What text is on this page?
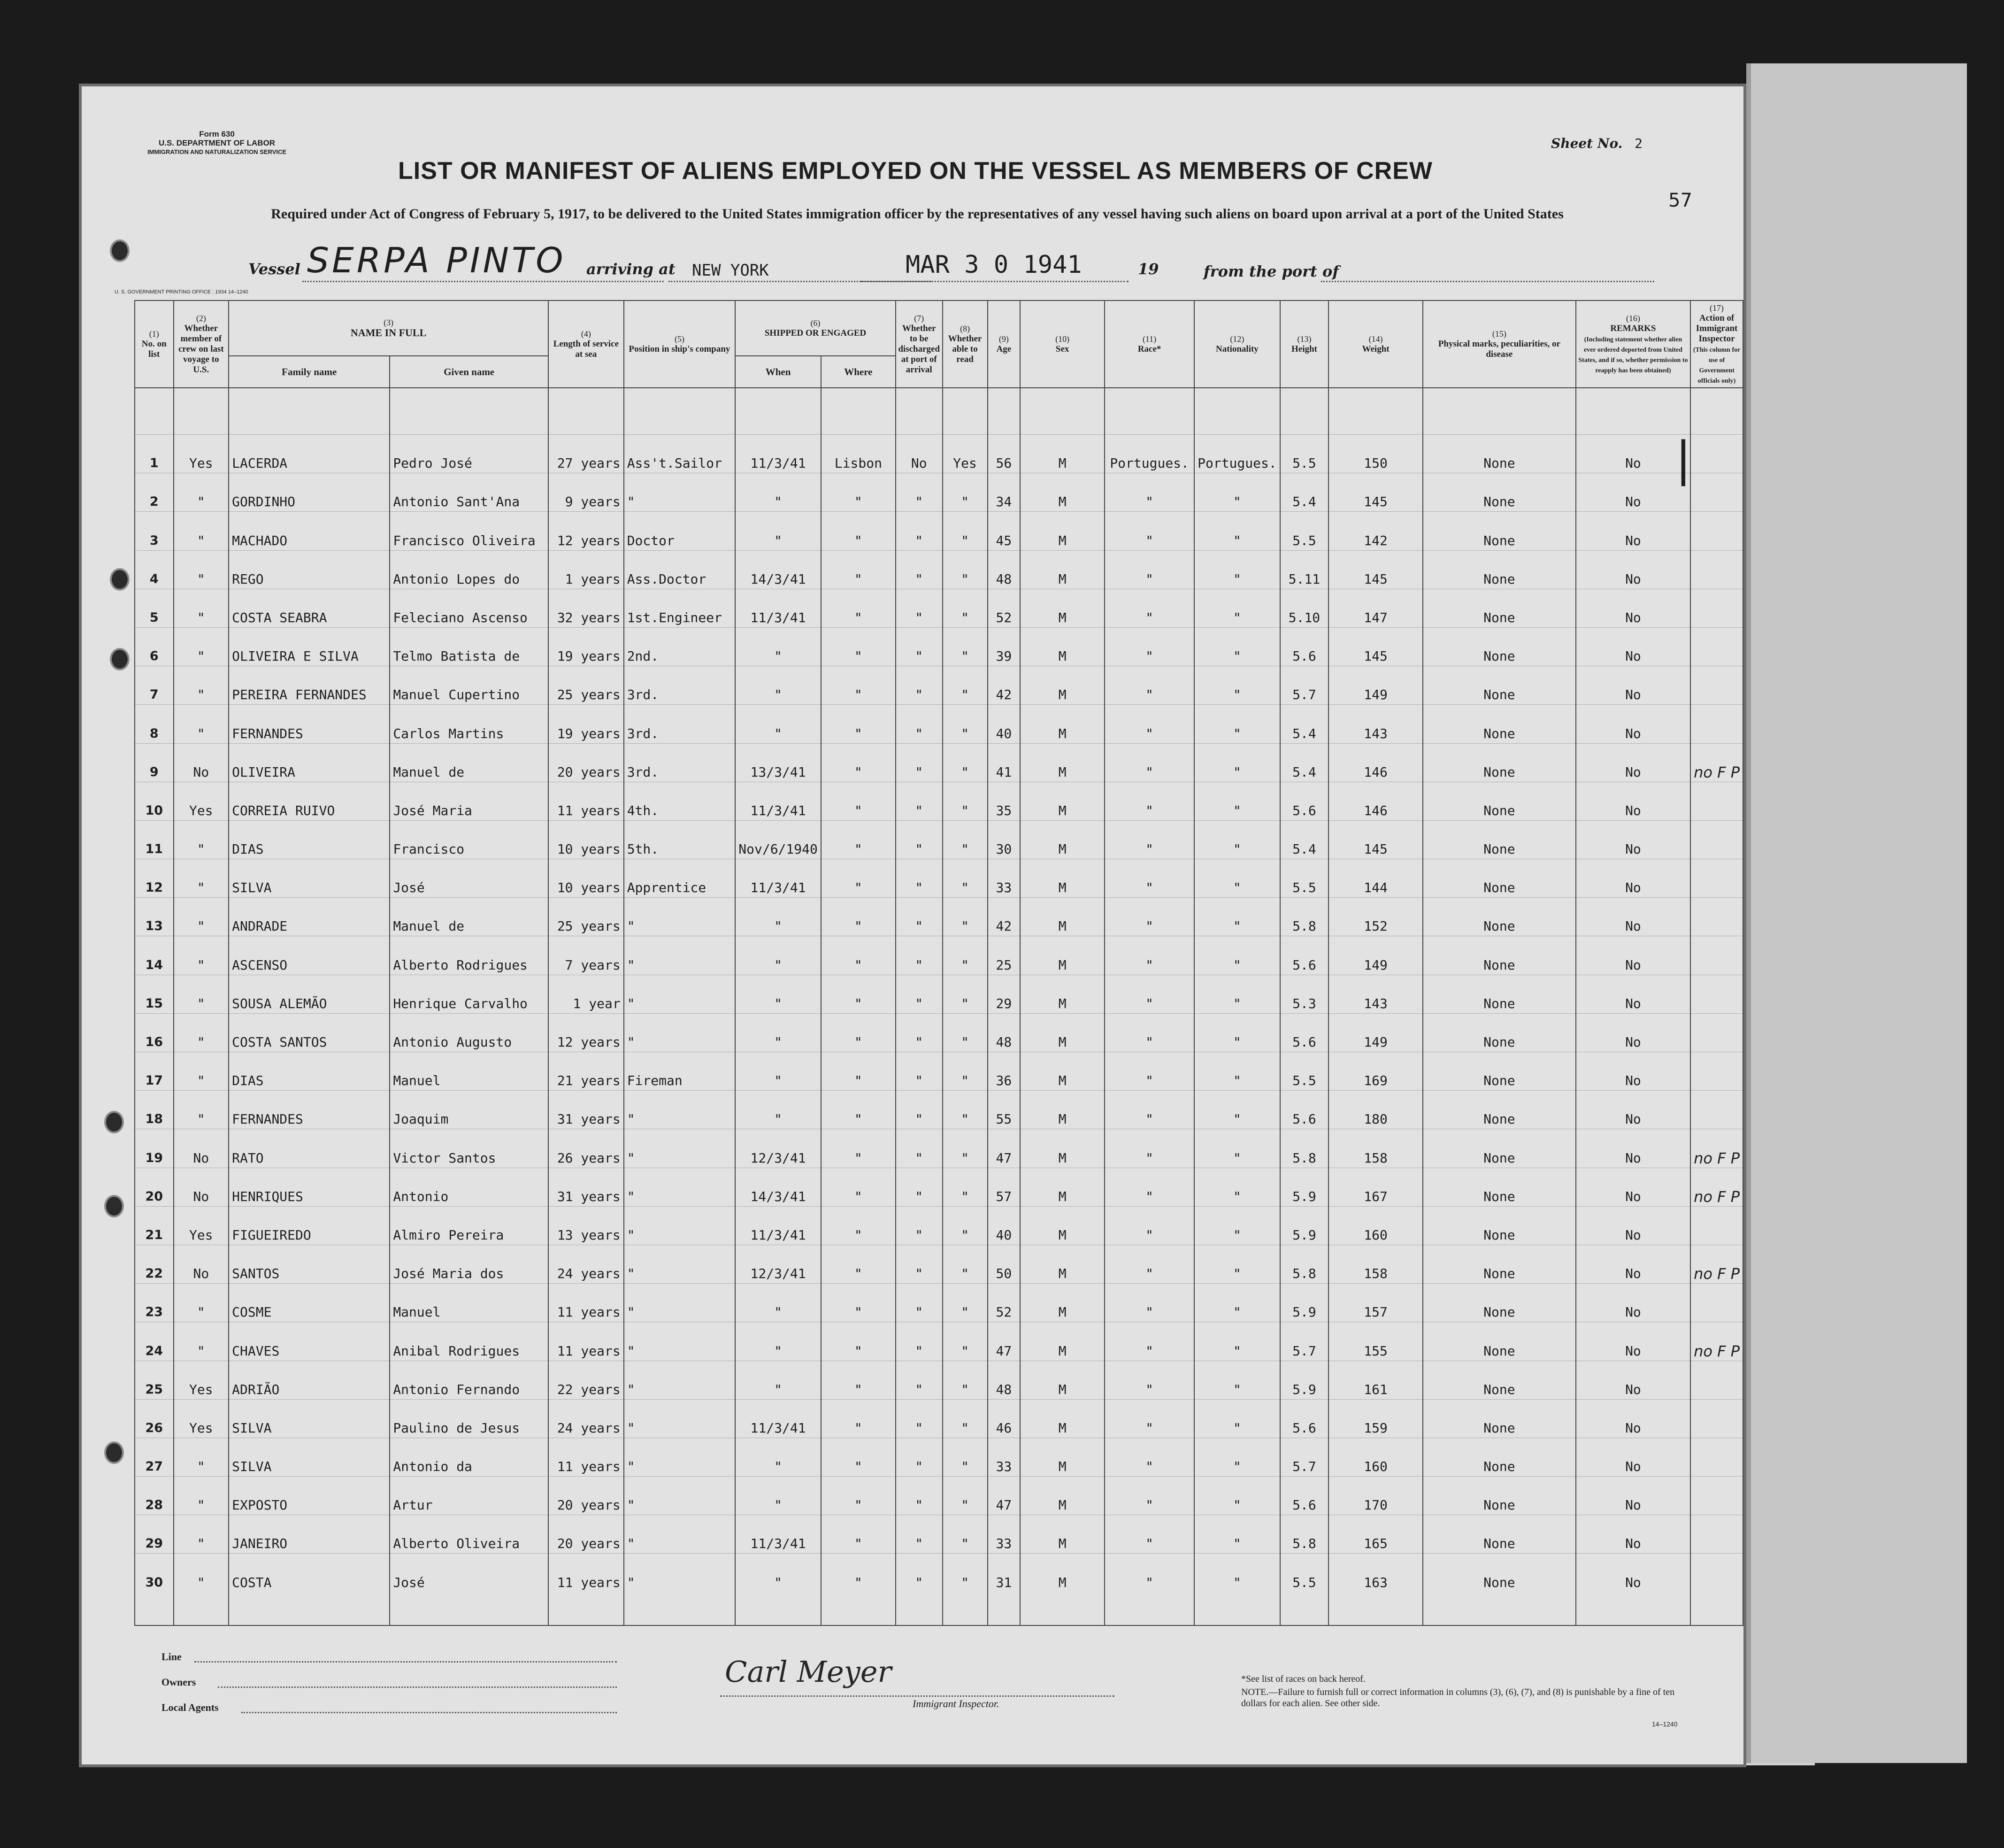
Form 630
U.S. DEPARTMENT OF LABOR
IMMIGRATION AND NATURALIZATION SERVICE
Sheet No. 2
LIST OR MANIFEST OF ALIENS EMPLOYED ON THE VESSEL AS MEMBERS OF CREW
Required under Act of Congress of February 5, 1917, to be delivered to the United States immigration officer by the representatives of any vessel having such aliens on board upon arrival at a port of the United States
57
Vessel SERPA PINTO arriving at NEW YORK	MAR 3 0 1941	19	from the port of
U. S. GOVERNMENT PRINTING OFFICE : 1934 14–1240
(1)
No. on list	(2)
Whether member of crew on last voyage to U.S.	(3)
NAME IN FULL		(4)
Length of service at sea	(5)
Position in ship's company	(6)
SHIPPED OR ENGAGED		(7)
Whether to be discharged at port of arrival	(8)
Whether able to read	(9)
Age	(10)
Sex	(11)
Race*	(12)
Nationality	(13)
Height	(14)
Weight	(15)
Physical marks, peculiarities, or disease	(16)
REMARKS
(Including statement whether alien ever ordered deported from United States, and if so, whether permission to reapply has been obtained)	(17)
Action of Immigrant Inspector
(This column for use of Government officials only)
		Family name	Given name			When	Where											

1	Yes	LACERDA	Pedro José	27 years	Ass't.Sailor	11/3/41	Lisbon	No	Yes	56	M	Portugues.	Portugues.	5.5	150	None	No	
2	"	GORDINHO	Antonio Sant'Ana	9 years	"	"	"	"	"	34	M	"	"	5.4	145	None	No	
3	"	MACHADO	Francisco Oliveira	12 years	Doctor	"	"	"	"	45	M	"	"	5.5	142	None	No	
4	"	REGO	Antonio Lopes do	1 years	Ass.Doctor	14/3/41	"	"	"	48	M	"	"	5.11	145	None	No	
5	"	COSTA SEABRA	Feleciano Ascenso	32 years	1st.Engineer	11/3/41	"	"	"	52	M	"	"	5.10	147	None	No	
6	"	OLIVEIRA E SILVA	Telmo Batista de	19 years	2nd.	"	"	"	"	39	M	"	"	5.6	145	None	No	
7	"	PEREIRA FERNANDES	Manuel Cupertino	25 years	3rd.	"	"	"	"	42	M	"	"	5.7	149	None	No	
8	"	FERNANDES	Carlos Martins	19 years	3rd.	"	"	"	"	40	M	"	"	5.4	143	None	No	
9	No	OLIVEIRA	Manuel de	20 years	3rd.	13/3/41	"	"	"	41	M	"	"	5.4	146	None	No	no F P
10	Yes	CORREIA RUIVO	José Maria	11 years	4th.	11/3/41	"	"	"	35	M	"	"	5.6	146	None	No	
11	"	DIAS	Francisco	10 years	5th.	Nov/6/1940	"	"	"	30	M	"	"	5.4	145	None	No	
12	"	SILVA	José	10 years	Apprentice	11/3/41	"	"	"	33	M	"	"	5.5	144	None	No	
13	"	ANDRADE	Manuel de	25 years	"	"	"	"	"	42	M	"	"	5.8	152	None	No	
14	"	ASCENSO	Alberto Rodrigues	7 years	"	"	"	"	"	25	M	"	"	5.6	149	None	No	
15	"	SOUSA ALEMÃO	Henrique Carvalho	1 year	"	"	"	"	"	29	M	"	"	5.3	143	None	No	
16	"	COSTA SANTOS	Antonio Augusto	12 years	"	"	"	"	"	48	M	"	"	5.6	149	None	No	
17	"	DIAS	Manuel	21 years	Fireman	"	"	"	"	36	M	"	"	5.5	169	None	No	
18	"	FERNANDES	Joaquim	31 years	"	"	"	"	"	55	M	"	"	5.6	180	None	No	
19	No	RATO	Victor Santos	26 years	"	12/3/41	"	"	"	47	M	"	"	5.8	158	None	No	no F P
20	No	HENRIQUES	Antonio	31 years	"	14/3/41	"	"	"	57	M	"	"	5.9	167	None	No	no F P
21	Yes	FIGUEIREDO	Almiro Pereira	13 years	"	11/3/41	"	"	"	40	M	"	"	5.9	160	None	No	
22	No	SANTOS	José Maria dos	24 years	"	12/3/41	"	"	"	50	M	"	"	5.8	158	None	No	no F P
23	"	COSME	Manuel	11 years	"	"	"	"	"	52	M	"	"	5.9	157	None	No	
24	"	CHAVES	Anibal Rodrigues	11 years	"	"	"	"	"	47	M	"	"	5.7	155	None	No	no F P
25	Yes	ADRIÃO	Antonio Fernando	22 years	"	"	"	"	"	48	M	"	"	5.9	161	None	No	
26	Yes	SILVA	Paulino de Jesus	24 years	"	11/3/41	"	"	"	46	M	"	"	5.6	159	None	No	
27	"	SILVA	Antonio da	11 years	"	"	"	"	"	33	M	"	"	5.7	160	None	No	
28	"	EXPOSTO	Artur	20 years	"	"	"	"	"	47	M	"	"	5.6	170	None	No	
29	"	JANEIRO	Alberto Oliveira	20 years	"	11/3/41	"	"	"	33	M	"	"	5.8	165	None	No	
30	"	COSTA	José	11 years	"	"	"	"	"	31	M	"	"	5.5	163	None	No	

Line
Owners
Local Agents
Carl Meyer
Immigrant Inspector.
*See list of races on back hereof.
NOTE.—Failure to furnish full or correct information in columns (3), (6), (7), and (8) is punishable by a fine of ten dollars for each alien. See other side.
14–1240
|
